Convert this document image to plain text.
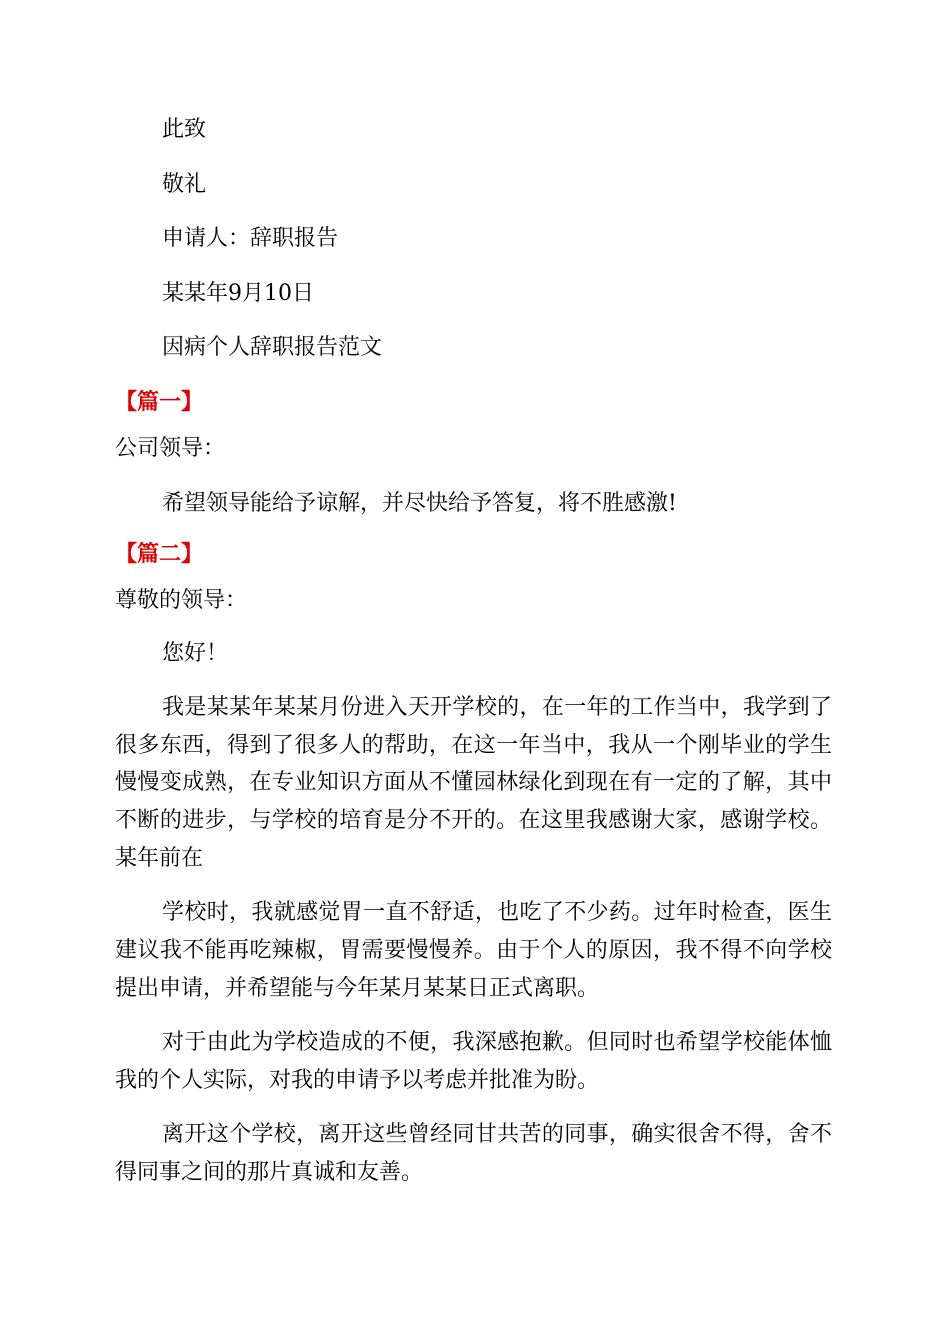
此致
敬礼
申请人：辞职报告
某某年9月10日
因病个人辞职报告范文
【篇一】
公司领导：
希望领导能给予谅解，并尽快给予答复，将不胜感激!
【篇二】
尊敬的领导：
您好！
我是某某年某某月份进入天开学校的，在一年的工作当中，我学到了
很多东西，得到了很多人的帮助，在这一年当中，我从一个刚毕业的学生
慢慢变成熟，在专业知识方面从不懂园林绿化到现在有一定的了解，其中
不断的进步，与学校的培育是分不开的。在这里我感谢大家，感谢学校。
某年前在
学校时，我就感觉胃一直不舒适，也吃了不少药。过年时检查，医生
建议我不能再吃辣椒，胃需要慢慢养。由于个人的原因，我不得不向学校
提出申请，并希望能与今年某月某某日正式离职。
对于由此为学校造成的不便，我深感抱歉。但同时也希望学校能体恤
我的个人实际，对我的申请予以考虑并批准为盼。
离开这个学校，离开这些曾经同甘共苦的同事，确实很舍不得，舍不
得同事之间的那片真诚和友善。
